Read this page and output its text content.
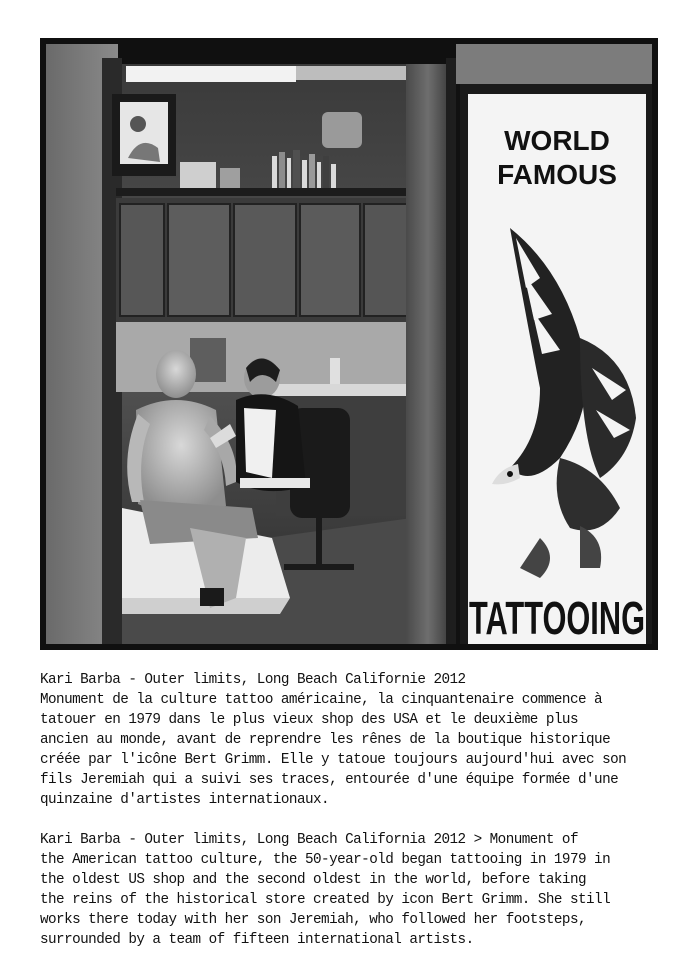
WORLD
FAMOUS
TATTOOING
Kari Barba - Outer limits, Long Beach Californie 2012
Monument de la culture tattoo américaine, la cinquantenaire commence à
tatouer en 1979 dans le plus vieux shop des USA et le deuxième plus
ancien au monde, avant de reprendre les rênes de la boutique historique
créée par l'icône Bert Grimm. Elle y tatoue toujours aujourd'hui avec son
fils Jeremiah qui a suivi ses traces, entourée d'une équipe formée d'une
quinzaine d'artistes internationaux.
Kari Barba - Outer limits, Long Beach California 2012 > Monument of
the American tattoo culture, the 50-year-old began tattooing in 1979 in
the oldest US shop and the second oldest in the world, before taking
the reins of the historical store created by icon Bert Grimm. She still
works there today with her son Jeremiah, who followed her footsteps,
surrounded by a team of fifteen international artists.
